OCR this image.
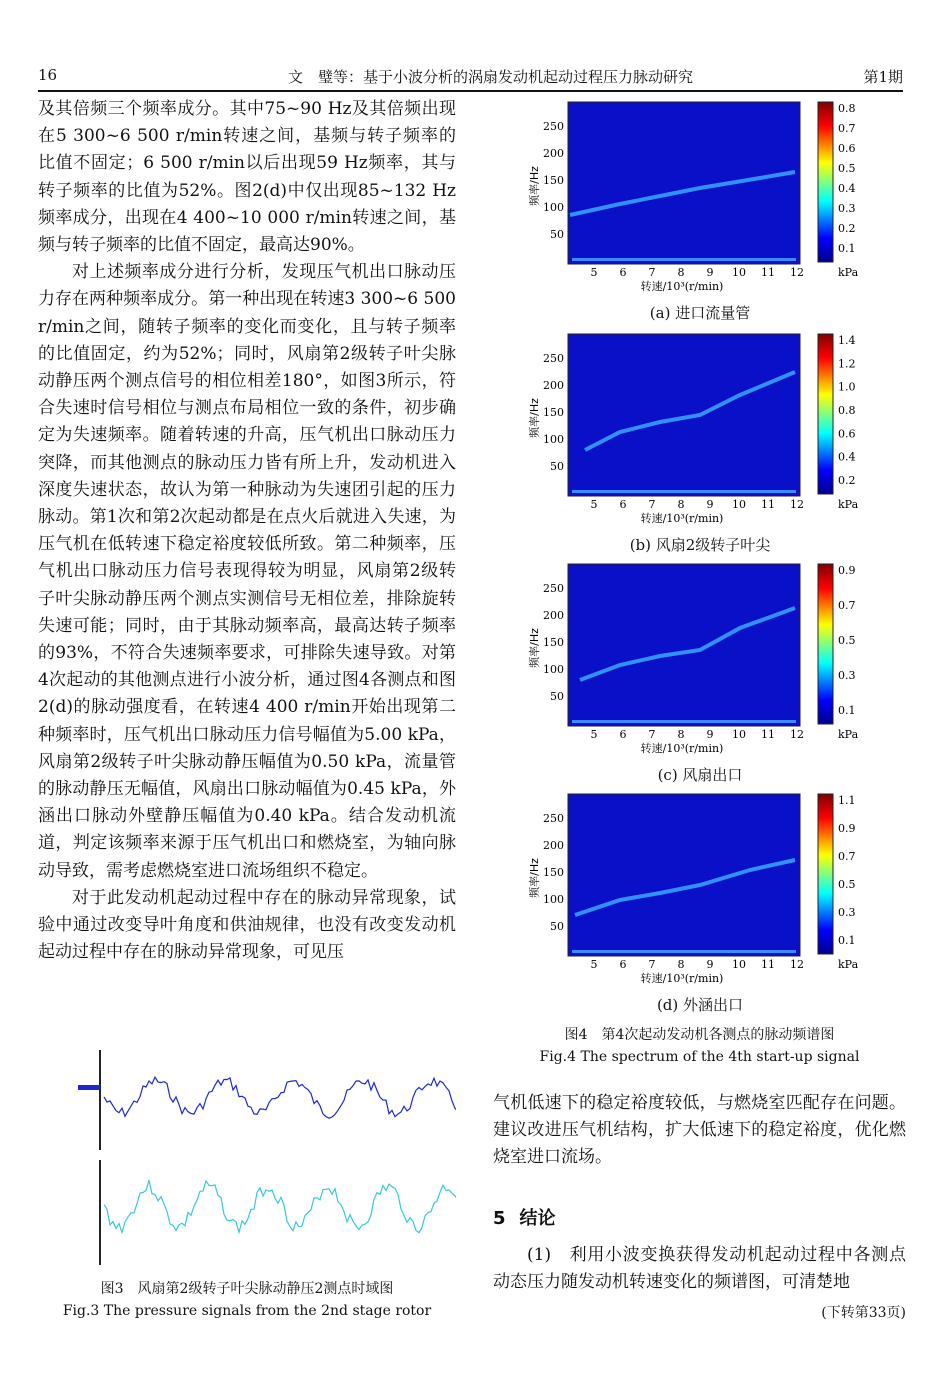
16	文　璧等：基于小波分析的涡扇发动机起动过程压力脉动研究	第1期

及其倍频三个频率成分。其中75~90 Hz及其倍频出现在5 300~6 500 r/min转速之间，基频与转子频率的比值不固定；6 500 r/min以后出现59 Hz频率，其与转子频率的比值为52%。图2(d)中仅出现85~132 Hz频率成分，出现在4 400~10 000 r/min转速之间，基频与转子频率的比值不固定，最高达90%。

对上述频率成分进行分析，发现压气机出口脉动压力存在两种频率成分。第一种出现在转速3 300~6 500 r/min之间，随转子频率的变化而变化，且与转子频率的比值固定，约为52%；同时，风扇第2级转子叶尖脉动静压两个测点信号的相位相差180°，如图3所示，符合失速时信号相位与测点布局相位一致的条件，初步确定为失速频率。随着转速的升高，压气机出口脉动压力突降，而其他测点的脉动压力皆有所上升，发动机进入深度失速状态，故认为第一种脉动为失速团引起的压力脉动。第1次和第2次起动都是在点火后就进入失速，为压气机在低转速下稳定裕度较低所致。第二种频率，压气机出口脉动压力信号表现得较为明显，风扇第2级转子叶尖脉动静压两个测点实测信号无相位差，排除旋转失速可能；同时，由于其脉动频率高，最高达转子频率的93%，不符合失速频率要求，可排除失速导致。对第4次起动的其他测点进行小波分析，通过图4各测点和图2(d)的脉动强度看，在转速4 400 r/min开始出现第二种频率时，压气机出口脉动压力信号幅值为5.00 kPa，风扇第2级转子叶尖脉动静压幅值为0.50 kPa，流量管的脉动静压无幅值，风扇出口脉动幅值为0.45 kPa，外涵出口脉动外壁静压幅值为0.40 kPa。结合发动机流道，判定该频率来源于压气机出口和燃烧室，为轴向脉动导致，需考虑燃烧室进口流场组织不稳定。

对于此发动机起动过程中存在的脉动异常现象，试验中通过改变导叶角度和供油规律，也没有改变发动机起动过程中存在的脉动异常现象，可见压

图3　风扇第2级转子叶尖脉动静压2测点时域图
Fig.3 The pressure signals from the 2nd stage rotor
50
100
150
200
250
5 6 7 8 9 10 11 12
转速/10³(r/min)
频率/Hz
0.8
0.7
0.6
0.5
0.4
0.3
0.2
0.1
kPa
(a) 进口流量管
50
100
150
200
250
5 6 7 8 9 10 11 12
转速/10³(r/min)
频率/Hz
1.4
1.2
1.0
0.8
0.6
0.4
0.2
kPa
(b) 风扇2级转子叶尖
50
100
150
200
250
5 6 7 8 9 10 11 12
转速/10³(r/min)
频率/Hz
0.9
0.7
0.5
0.3
0.1
kPa
(c) 风扇出口
50
100
150
200
250
5 6 7 8 9 10 11 12
转速/10³(r/min)
频率/Hz
1.1
0.9
0.7
0.5
0.3
0.1
kPa
(d) 外涵出口
图4　第4次起动发动机各测点的脉动频谱图
Fig.4 The spectrum of the 4th start-up signal

气机低速下的稳定裕度较低，与燃烧室匹配存在问题。建议改进压气机结构，扩大低速下的稳定裕度，优化燃烧室进口流场。

5 结论

(1)　利用小波变换获得发动机起动过程中各测点动态压力随发动机转速变化的频谱图，可清楚地

(下转第33页)
